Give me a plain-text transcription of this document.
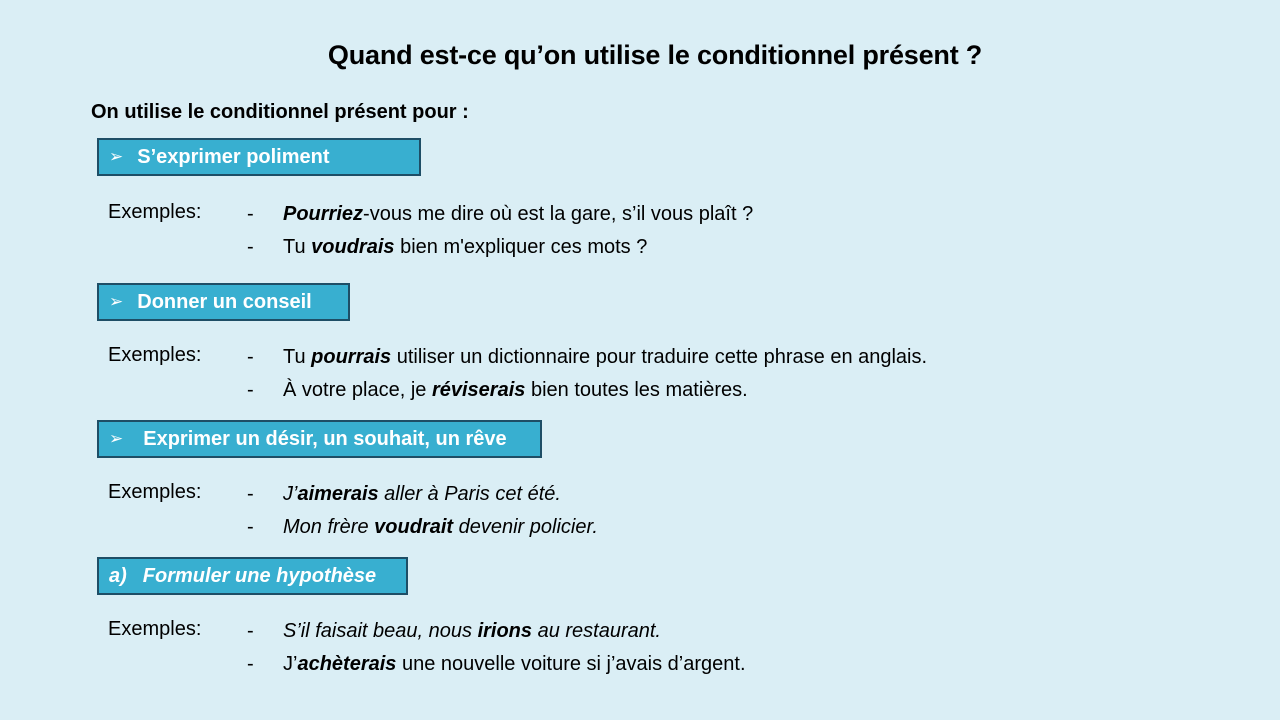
Quand est-ce qu’on utilise le conditionnel présent ?
On utilise le conditionnel présent pour :
➢ S’exprimer poliment
Exemples: - Pourriez-vous me dire où est la gare, s’il vous plaît ?
- Tu voudrais bien m'expliquer ces mots ?
➢ Donner un conseil
Exemples: - Tu pourrais utiliser un dictionnaire pour traduire cette phrase en anglais.
- À votre place, je réviserais bien toutes les matières.
➢ Exprimer un désir, un souhait, un rêve
Exemples: - J’aimerais aller à Paris cet été.
- Mon frère voudrait devenir policier.
a) Formuler une hypothèse
Exemples: - S’il faisait beau, nous irions au restaurant.
- J’achèterais une nouvelle voiture si j’avais d’argent.
